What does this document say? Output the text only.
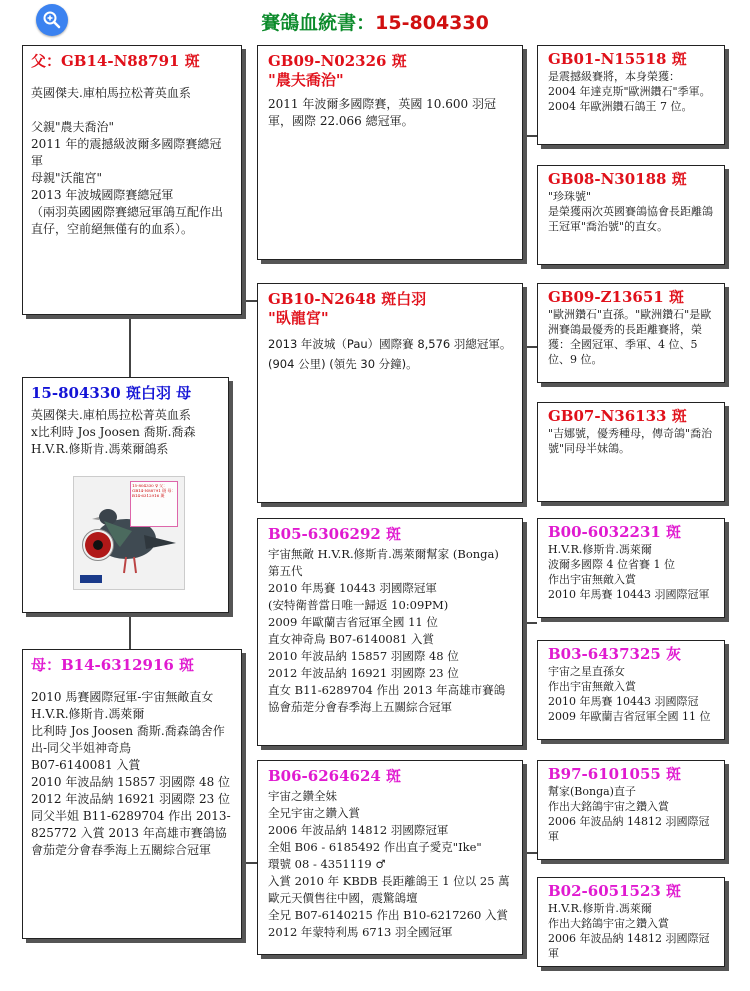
賽鴿血統書：15-804330
父：GB14-N88791 斑

英國傑夫.庫柏馬拉松菁英血系

父親"農夫喬治"
2011 年的震撼級波爾多國際賽總冠軍
母親"沃龍宮"
2013 年波城國際賽總冠軍
（兩羽英國國際賽總冠軍鴿互配作出直仔，空前絕無僅有的血系）。

15-804330 斑白羽 母

英國傑夫.庫柏馬拉松菁英血系
x比利時 Jos Joosen 喬斯.喬森
H.V.R.修斯肯.馮萊爾鴿系

15-804330 ♀ 父：GB14-N88791 斑 母：B14-6312916 斑
母：B14-6312916 斑

2010 馬賽國際冠軍-宇宙無敵直女 H.V.R.修斯肯.馮萊爾
比利時 Jos Joosen 喬斯.喬森鴿舍作出-同父半姐神奇鳥
B07-6140081 入賞
2010 年波品納 15857 羽國際 48 位 2012 年波品納 16921 羽國際 23 位
同父半姐 B11-6289704 作出 2013-825772 入賞 2013 年高雄市賽鴿協會茄萣分會春季海上五關綜合冠軍

GB09-N02326 斑
"農夫喬治"

2011 年波爾多國際賽，英國 10.600 羽冠軍，國際 22.066 總冠軍。

GB10-N2648 斑白羽
"臥龍宮"

2013 年波城（Pau）國際賽 8,576 羽總冠軍。
(904 公里) (領先 30 分鐘)。

B05-6306292 斑

宇宙無敵 H.V.R.修斯肯.馮萊爾幫家 (Bonga) 第五代
2010 年馬賽 10443 羽國際冠軍
(安特衛普當日唯一歸返 10:09PM)
2009 年歐蘭吉省冠軍全國 11 位
直女神奇鳥 B07-6140081 入賞
2010 年波品納 15857 羽國際 48 位
2012 年波品納 16921 羽國際 23 位
直女 B11-6289704 作出 2013 年高雄市賽鴿協會茄萣分會春季海上五關綜合冠軍

B06-6264624 斑

宇宙之鑽全妹
全兄宇宙之鑽入賞
2006 年波品納 14812 羽國際冠軍
全姐 B06 - 6185492 作出直子愛克"Ike"
環號 08 - 4351119 ♂
入賞 2010 年 KBDB 長距離鴿王 1 位以 25 萬歐元天價售往中國，震驚鴿壇
全兄 B07-6140215 作出 B10-6217260 入賞 2012 年蒙特利馬 6713 羽全國冠軍

GB01-N15518 斑

是震撼級賽將，本身榮獲：
2004 年達克斯"歐洲鑽石"季軍。
2004 年歐洲鑽石鴿王 7 位。

GB08-N30188 斑

"珍珠號"
是榮獲兩次英國賽鴿協會長距離鴿王冠軍"喬治號"的直女。

GB09-Z13651 斑

"歐洲鑽石"直孫。"歐洲鑽石"是歐洲賽鴿最優秀的長距離賽將，榮獲：全國冠軍、季軍、4 位、5 位、9 位。

GB07-N36133 斑

"吉娜號，優秀種母，傳奇鴿"喬治號"同母半妹鴿。

B00-6032231 斑

H.V.R.修斯肯.馮萊爾
波爾多國際 4 位省賽 1 位
作出宇宙無敵入賞
2010 年馬賽 10443 羽國際冠軍

B03-6437325 灰

宇宙之星直孫女
作出宇宙無敵入賞
2010 年馬賽 10443 羽國際冠
2009 年歐蘭吉省冠軍全國 11 位

B97-6101055 斑

幫家(Bonga)直子
作出大銘鴿宇宙之鑽入賞
2006 年波品納 14812 羽國際冠軍

B02-6051523 斑

H.V.R.修斯肯.馮萊爾
作出大銘鴿宇宙之鑽入賞
2006 年波品納 14812 羽國際冠軍
